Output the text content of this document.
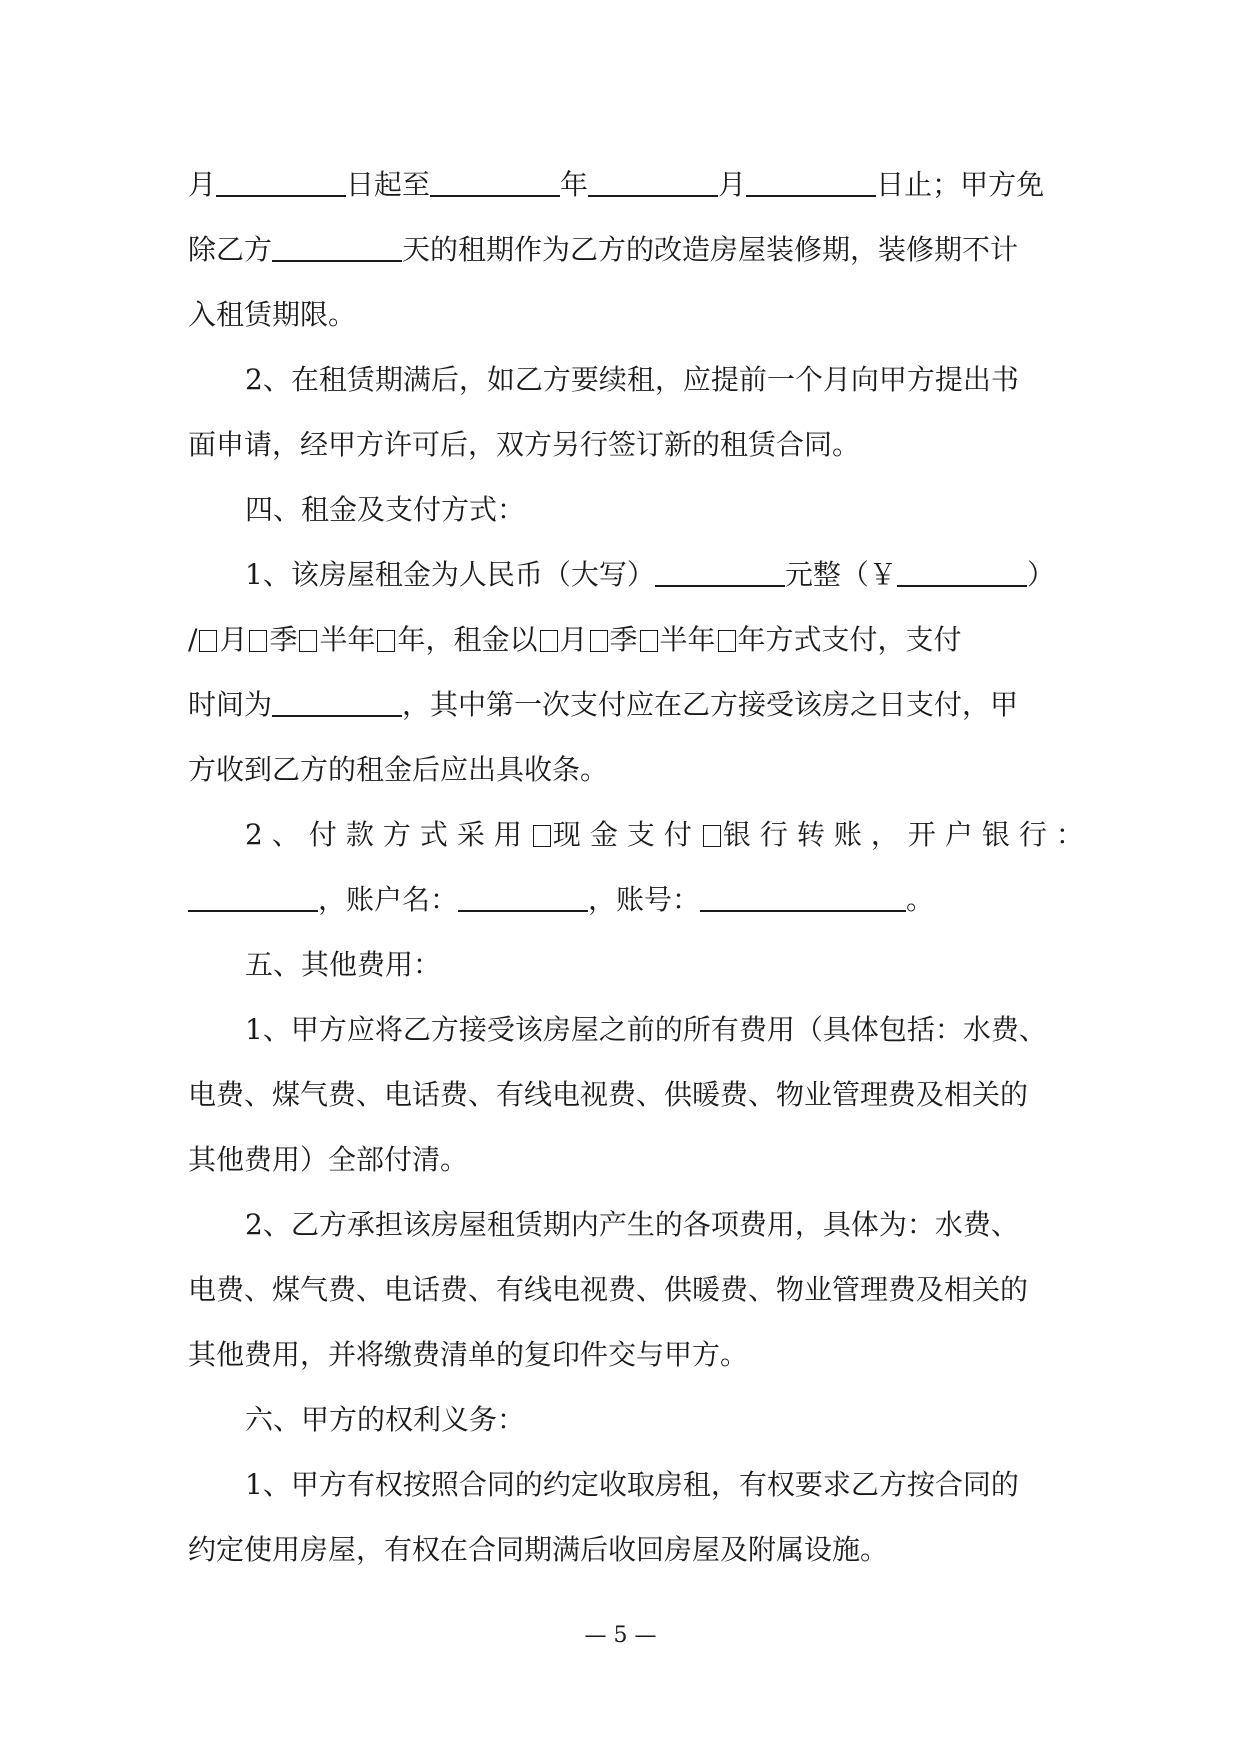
月	日起至	年	月	日止；甲方免
除乙方	天的租期作为乙方的改造房屋装修期，装修期不计
入租赁期限。
2、在租赁期满后，如乙方要续租，应提前一个月向甲方提出书
面申请，经甲方许可后，双方另行签订新的租赁合同。
四、租金及支付方式：
1、该房屋租金为人民币（大写）	元整（￥	）
/ 月 季 半年 年，租金以 月 季 半年 年方式支付，支付
时间为	，其中第一次支付应在乙方接受该房之日支付，甲
方收到乙方的租金后应出具收条。
2、付款方式采用 现金支付 银行转账，开户银行：
，账户名：	，账号：	。
五、其他费用：
1、甲方应将乙方接受该房屋之前的所有费用（具体包括：水费、
电费、煤气费、电话费、有线电视费、供暖费、物业管理费及相关的
其他费用）全部付清。
2、乙方承担该房屋租赁期内产生的各项费用，具体为：水费、
电费、煤气费、电话费、有线电视费、供暖费、物业管理费及相关的
其他费用，并将缴费清单的复印件交与甲方。
六、甲方的权利义务：
1、甲方有权按照合同的约定收取房租，有权要求乙方按合同的
约定使用房屋，有权在合同期满后收回房屋及附属设施。
— 5 —
